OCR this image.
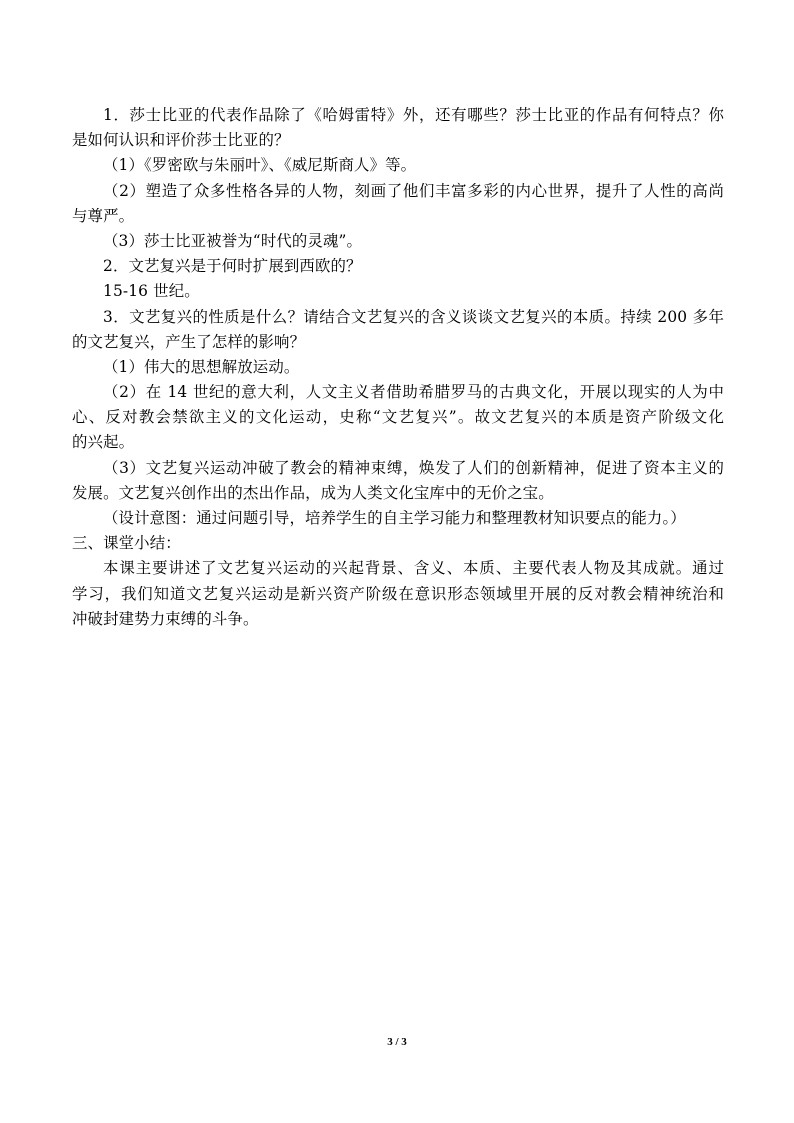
1．莎士比亚的代表作品除了《哈姆雷特》外，还有哪些？莎士比亚的作品有何特点？你
是如何认识和评价莎士比亚的？
（1）《罗密欧与朱丽叶》、《威尼斯商人》等。
（2）塑造了众多性格各异的人物，刻画了他们丰富多彩的内心世界，提升了人性的高尚
与尊严。
（3）莎士比亚被誉为“时代的灵魂”。
2．文艺复兴是于何时扩展到西欧的？
15-16 世纪。
3．文艺复兴的性质是什么？请结合文艺复兴的含义谈谈文艺复兴的本质。持续 200 多年
的文艺复兴，产生了怎样的影响？
（1）伟大的思想解放运动。
（2）在 14 世纪的意大利，人文主义者借助希腊罗马的古典文化，开展以现实的人为中
心、反对教会禁欲主义的文化运动，史称“文艺复兴”。故文艺复兴的本质是资产阶级文化
的兴起。
（3）文艺复兴运动冲破了教会的精神束缚，焕发了人们的创新精神，促进了资本主义的
发展。文艺复兴创作出的杰出作品，成为人类文化宝库中的无价之宝。
（设计意图：通过问题引导，培养学生的自主学习能力和整理教材知识要点的能力。）
三、课堂小结：
本课主要讲述了文艺复兴运动的兴起背景、含义、本质、主要代表人物及其成就。通过
学习，我们知道文艺复兴运动是新兴资产阶级在意识形态领域里开展的反对教会精神统治和
冲破封建势力束缚的斗争。
3 / 3
